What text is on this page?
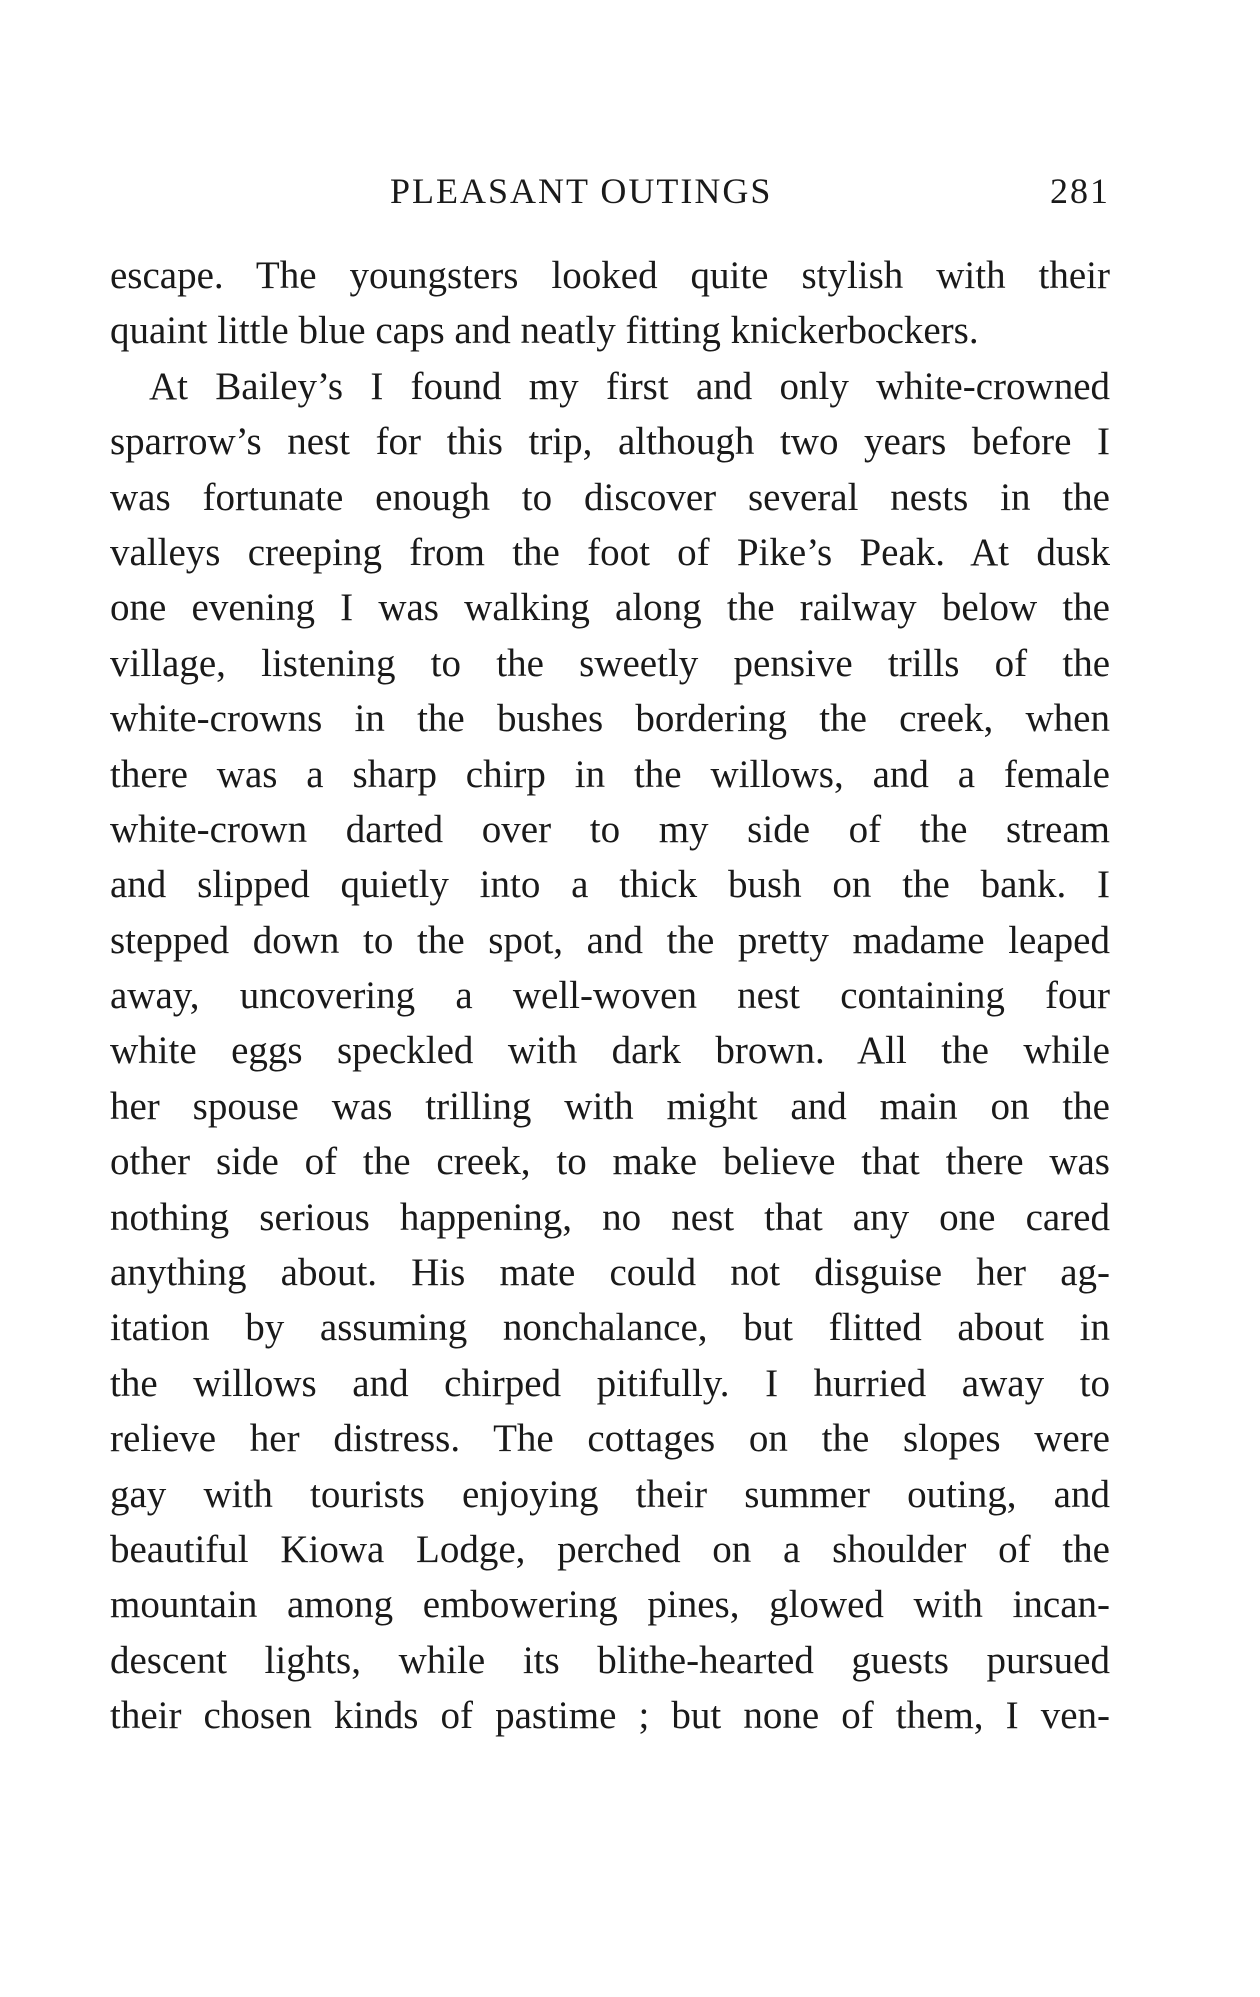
PLEASANT OUTINGS	281
escape. The youngsters looked quite stylish with their
quaint little blue caps and neatly fitting knickerbockers.
 At Bailey’s I found my first and only white-crowned
sparrow’s nest for this trip, although two years before I
was fortunate enough to discover several nests in the
valleys creeping from the foot of Pike’s Peak. At dusk
one evening I was walking along the railway below the
village, listening to the sweetly pensive trills of the
white-crowns in the bushes bordering the creek, when
there was a sharp chirp in the willows, and a female
white-crown darted over to my side of the stream
and slipped quietly into a thick bush on the bank. I
stepped down to the spot, and the pretty madame leaped
away, uncovering a well-woven nest containing four
white eggs speckled with dark brown. All the while
her spouse was trilling with might and main on the
other side of the creek, to make believe that there was
nothing serious happening, no nest that any one cared
anything about. His mate could not disguise her ag-
itation by assuming nonchalance, but flitted about in
the willows and chirped pitifully. I hurried away to
relieve her distress. The cottages on the slopes were
gay with tourists enjoying their summer outing, and
beautiful Kiowa Lodge, perched on a shoulder of the
mountain among embowering pines, glowed with incan-
descent lights, while its blithe-hearted guests pursued
their chosen kinds of pastime ; but none of them, I ven-
